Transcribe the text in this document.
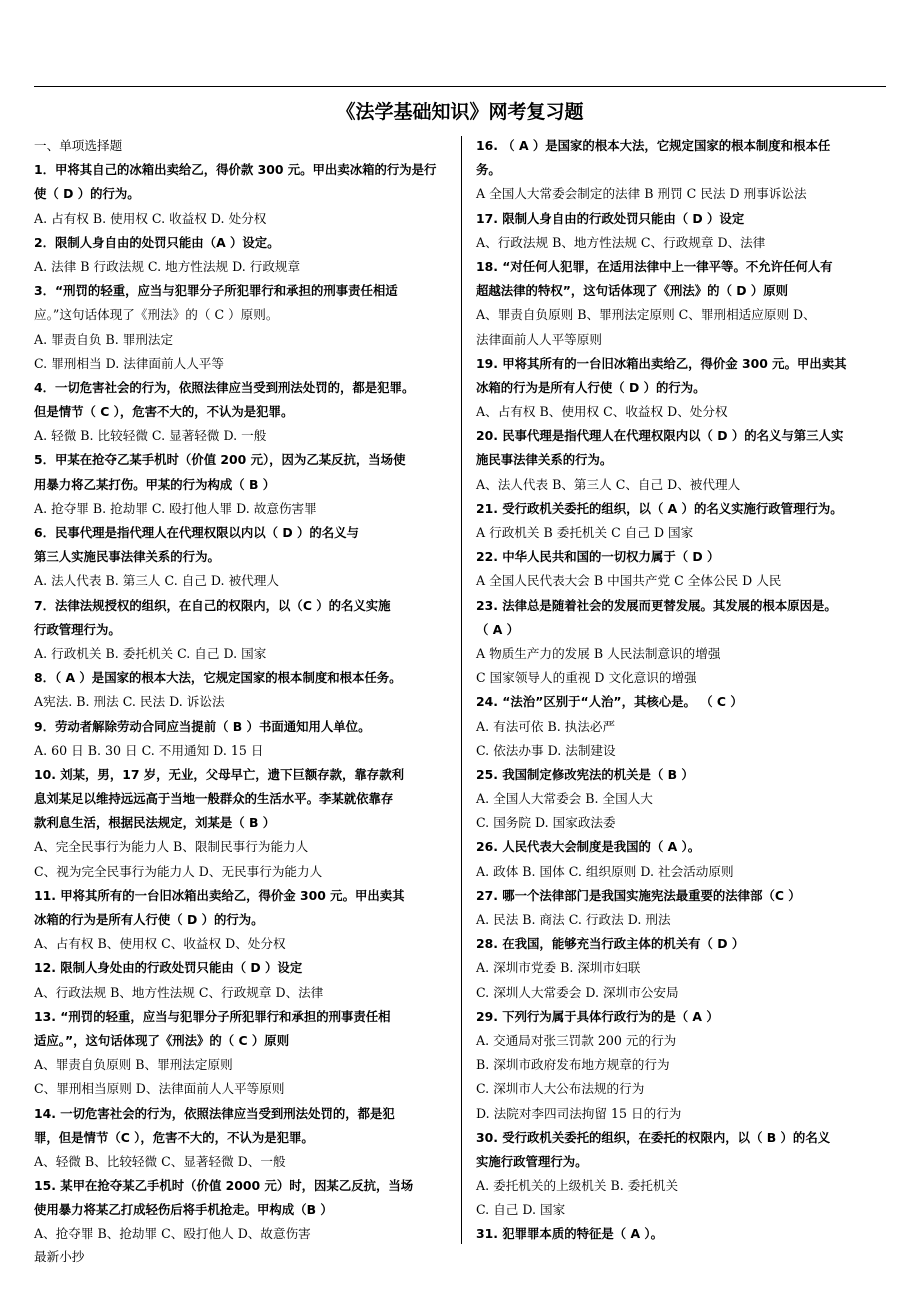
《法学基础知识》网考复习题
一、单项选择题
1．甲将其自己的冰箱出卖给乙，得价款 300 元。甲出卖冰箱的行为是行
使（ D ）的行为。
A. 占有权 B. 使用权 C. 收益权 D. 处分权
2．限制人身自由的处罚只能由（A ）设定。
A. 法律 B 行政法规 C. 地方性法规 D. 行政规章
3．“刑罚的轻重，应当与犯罪分子所犯罪行和承担的刑事责任相适
应。”这句话体现了《刑法》的（ C ）原则。
A. 罪责自负 B. 罪刑法定
C. 罪刑相当 D. 法律面前人人平等
4．一切危害社会的行为，依照法律应当受到刑法处罚的，都是犯罪。
但是情节（ C ），危害不大的，不认为是犯罪。
A. 轻微 B. 比较轻微 C. 显著轻微 D. 一般
5．甲某在抢夺乙某手机时（价值 200 元），因为乙某反抗，当场使
用暴力将乙某打伤。甲某的行为构成（ B ）
A. 抢夺罪 B. 抢劫罪 C. 殴打他人罪 D. 故意伤害罪
6．民事代理是指代理人在代理权限以内以（ D ）的名义与
第三人实施民事法律关系的行为。
A. 法人代表 B. 第三人 C. 自己 D. 被代理人
7．法律法规授权的组织，在自己的权限内，以（C ）的名义实施
行政管理行为。
A. 行政机关 B. 委托机关 C. 自己 D. 国家
8．（ A ）是国家的根本大法，它规定国家的根本制度和根本任务。
A宪法. B. 刑法 C. 民法 D. 诉讼法
9．劳动者解除劳动合同应当提前（ B ）书面通知用人单位。
A. 60 日 B. 30 日 C. 不用通知 D. 15 日
10. 刘某，男，17 岁，无业，父母早亡，遗下巨额存款，靠存款利
息刘某足以维持远远高于当地一般群众的生活水平。李某就依靠存
款利息生活，根据民法规定，刘某是（ B ）
A、完全民事行为能力人 B、限制民事行为能力人
C、视为完全民事行为能力人 D、无民事行为能力人
11. 甲将其所有的一台旧冰箱出卖给乙，得价金 300 元。甲出卖其
冰箱的行为是所有人行使（ D ）的行为。
A、占有权 B、使用权 C、收益权 D、处分权
12. 限制人身处由的行政处罚只能由（ D ）设定
A、行政法规 B、地方性法规 C、行政规章 D、法律
13. “刑罚的轻重，应当与犯罪分子所犯罪行和承担的刑事责任相
适应。”，这句话体现了《刑法》的（ C ）原则
A、罪责自负原则 B、罪刑法定原则
C、罪刑相当原则 D、法律面前人人平等原则
14. 一切危害社会的行为，依照法律应当受到刑法处罚的，都是犯
罪，但是情节（C ），危害不大的，不认为是犯罪。
A、轻微 B、比较轻微 C、显著轻微 D、一般
15. 某甲在抢夺某乙手机时（价值 2000 元）时，因某乙反抗，当场
使用暴力将某乙打成轻伤后将手机抢走。甲构成（B ）
A、抢夺罪 B、抢劫罪 C、殴打他人 D、故意伤害
16. （ A ）是国家的根本大法，它规定国家的根本制度和根本任
务。
A 全国人大常委会制定的法律 B 刑罚 C 民法 D 刑事诉讼法
17. 限制人身自由的行政处罚只能由（ D ）设定
A、行政法规 B、地方性法规 C、行政规章 D、法律
18. “对任何人犯罪，在适用法律中上一律平等。不允许任何人有
超越法律的特权”，这句话体现了《刑法》的（ D ）原则
A、罪责自负原则 B、罪刑法定原则 C、罪刑相适应原则 D、
法律面前人人平等原则
19. 甲将其所有的一台旧冰箱出卖给乙，得价金 300 元。甲出卖其
冰箱的行为是所有人行使（ D ）的行为。
A、占有权 B、使用权 C、收益权 D、处分权
20. 民事代理是指代理人在代理权限内以（ D ）的名义与第三人实
施民事法律关系的行为。
A、法人代表 B、第三人 C、自己 D、被代理人
21. 受行政机关委托的组织，以（ A ）的名义实施行政管理行为。
A 行政机关 B 委托机关 C 自己 D 国家
22. 中华人民共和国的一切权力属于（ D ）
A 全国人民代表大会 B 中国共产党 C 全体公民 D 人民
23. 法律总是随着社会的发展而更替发展。其发展的根本原因是。
（ A ）
A 物质生产力的发展 B 人民法制意识的增强
C 国家领导人的重视 D 文化意识的增强
24. “法治”区别于“人治”，其核心是。 （ C ）
A. 有法可依 B. 执法必严
C. 依法办事 D. 法制建设
25. 我国制定修改宪法的机关是（ B ）
A. 全国人大常委会 B. 全国人大
C. 国务院 D. 国家政法委
26. 人民代表大会制度是我国的（ A ）。
A. 政体 B. 国体 C. 组织原则 D. 社会活动原则
27. 哪一个法律部门是我国实施宪法最重要的法律部（C ）
A. 民法 B. 商法 C. 行政法 D. 刑法
28. 在我国，能够充当行政主体的机关有（ D ）
A. 深圳市党委 B. 深圳市妇联
C. 深圳人大常委会 D. 深圳市公安局
29. 下列行为属于具体行政行为的是（ A ）
A. 交通局对张三罚款 200 元的行为
B. 深圳市政府发布地方规章的行为
C. 深圳市人大公布法规的行为
D. 法院对李四司法拘留 15 日的行为
30. 受行政机关委托的组织，在委托的权限内，以（ B ）的名义
实施行政管理行为。
A. 委托机关的上级机关 B. 委托机关
C. 自己 D. 国家
31. 犯罪罪本质的特征是（ A ）。
最新小抄
